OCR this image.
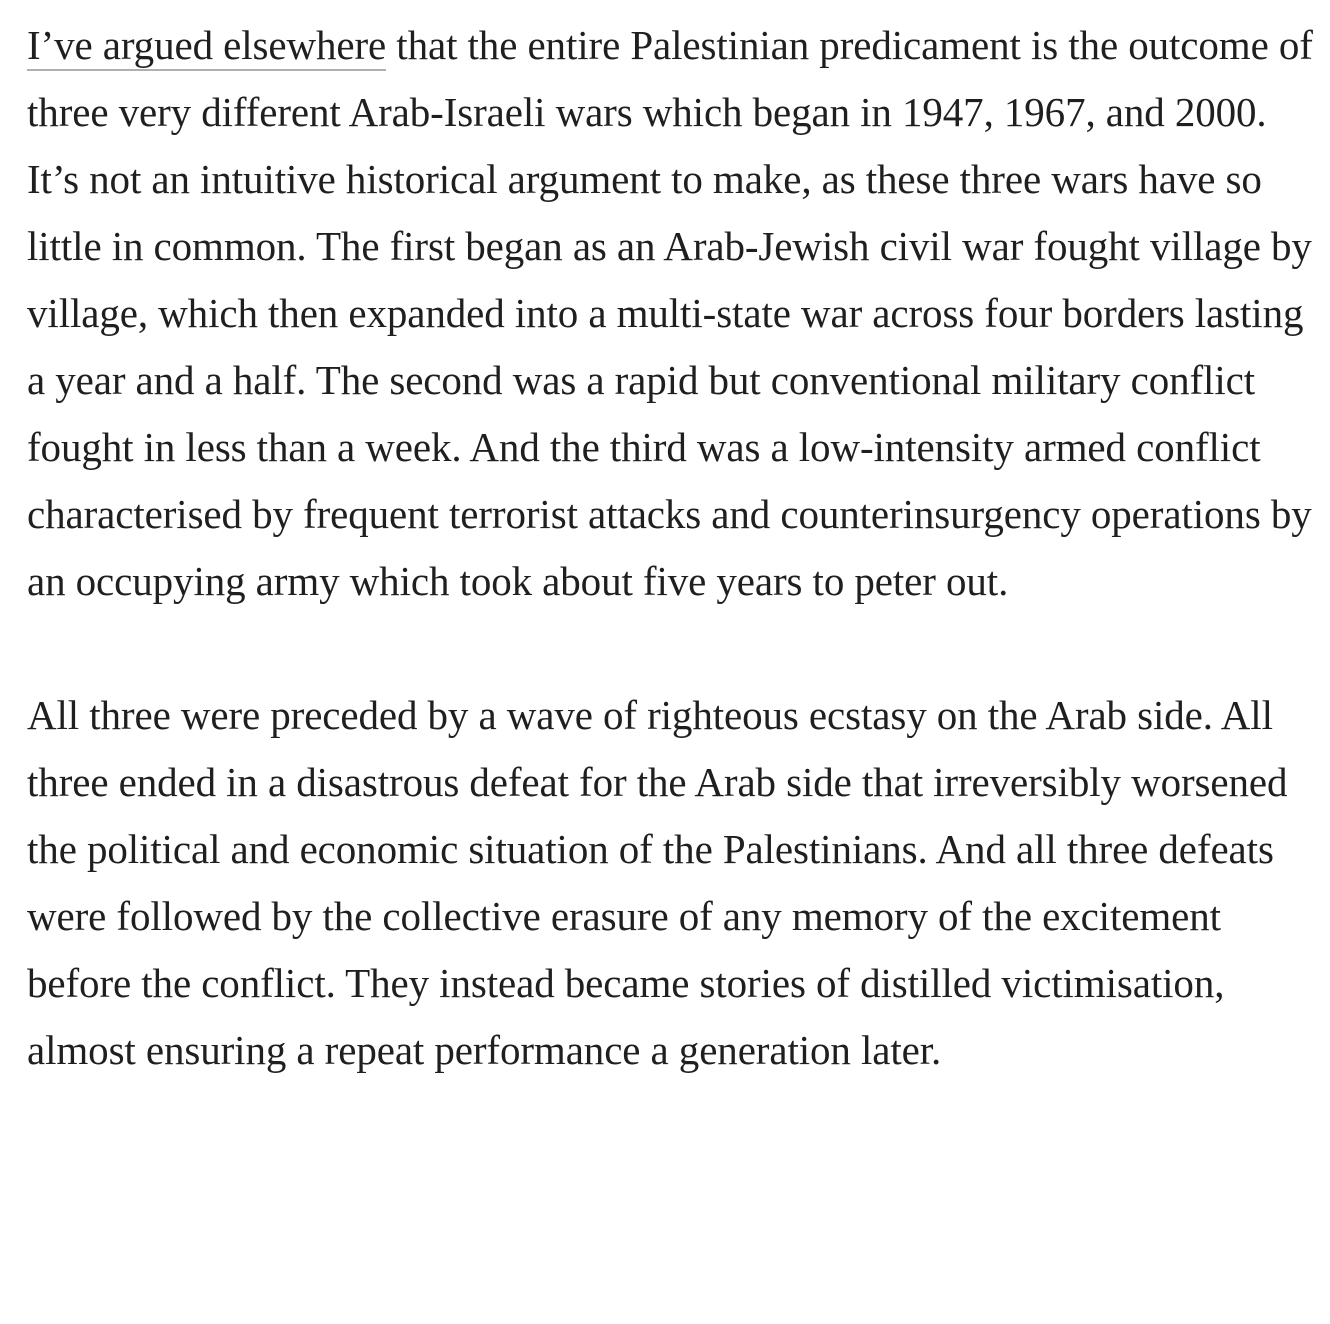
I’ve argued elsewhere that the entire Palestinian predicament is the outcome of three very different Arab-Israeli wars which began in 1947, 1967, and 2000. It’s not an intuitive historical argument to make, as these three wars have so little in common. The first began as an Arab-Jewish civil war fought village by village, which then expanded into a multi-state war across four borders lasting a year and a half. The second was a rapid but conventional military conflict fought in less than a week. And the third was a low-intensity armed conflict characterised by frequent terrorist attacks and counterinsurgency operations by an occupying army which took about five years to peter out.

All three were preceded by a wave of righteous ecstasy on the Arab side. All three ended in a disastrous defeat for the Arab side that irreversibly worsened the political and economic situation of the Palestinians. And all three defeats were followed by the collective erasure of any memory of the excitement before the conflict. They instead became stories of distilled victimisation, almost ensuring a repeat performance a generation later.
